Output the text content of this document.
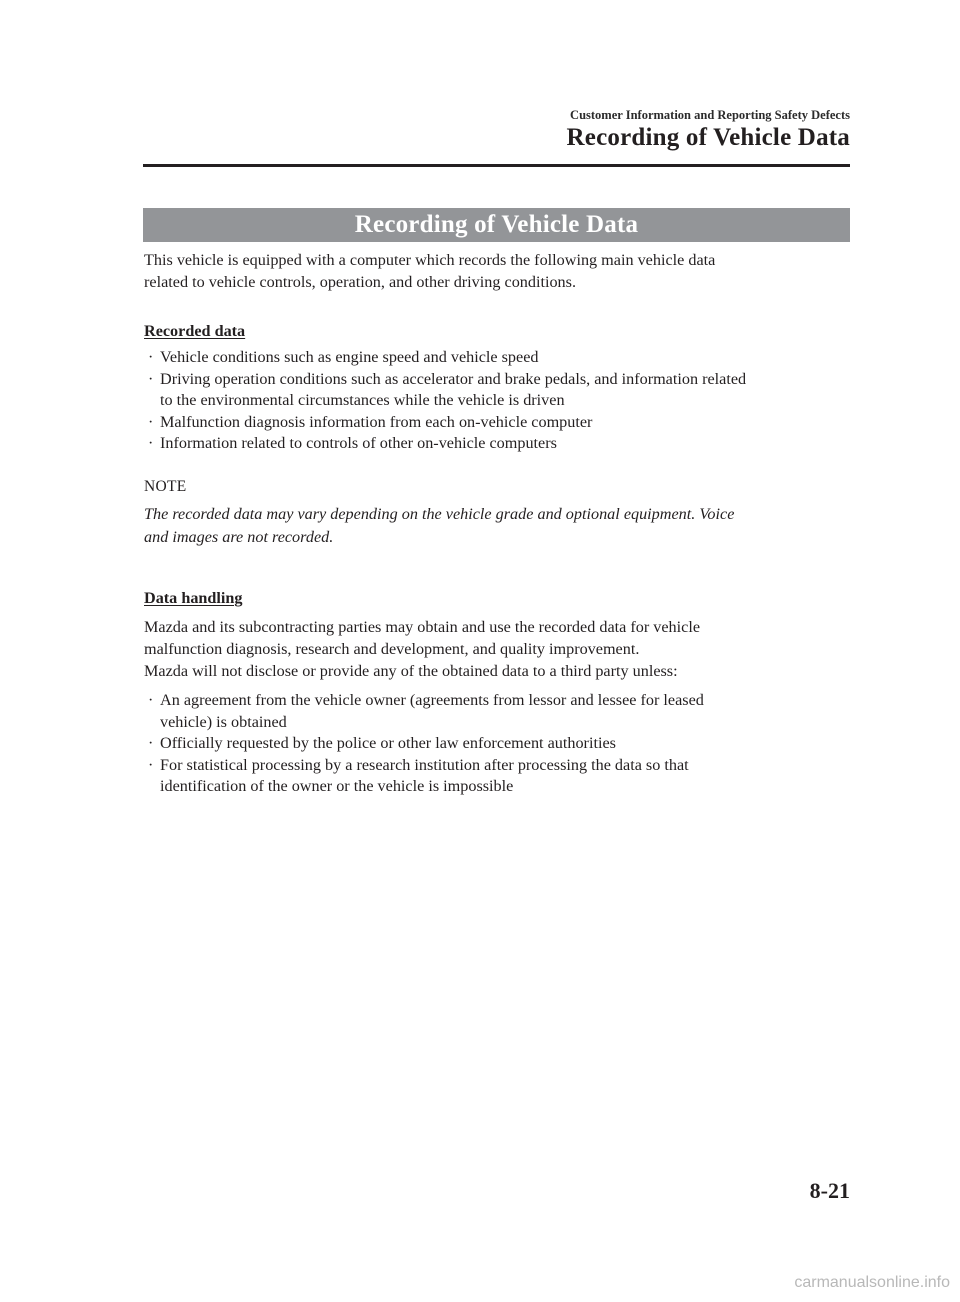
Customer Information and Reporting Safety Defects
Recording of Vehicle Data
Recording of Vehicle Data
This vehicle is equipped with a computer which records the following main vehicle data
related to vehicle controls, operation, and other driving conditions.
Recorded data
· Vehicle conditions such as engine speed and vehicle speed
· Driving operation conditions such as accelerator and brake pedals, and information related
to the environmental circumstances while the vehicle is driven
· Malfunction diagnosis information from each on-vehicle computer
· Information related to controls of other on-vehicle computers
NOTE
The recorded data may vary depending on the vehicle grade and optional equipment. Voice
and images are not recorded.
Data handling
Mazda and its subcontracting parties may obtain and use the recorded data for vehicle
malfunction diagnosis, research and development, and quality improvement.
Mazda will not disclose or provide any of the obtained data to a third party unless:
· An agreement from the vehicle owner (agreements from lessor and lessee for leased
vehicle) is obtained
· Officially requested by the police or other law enforcement authorities
· For statistical processing by a research institution after processing the data so that
identification of the owner or the vehicle is impossible
8-21
carmanualsonline.info
